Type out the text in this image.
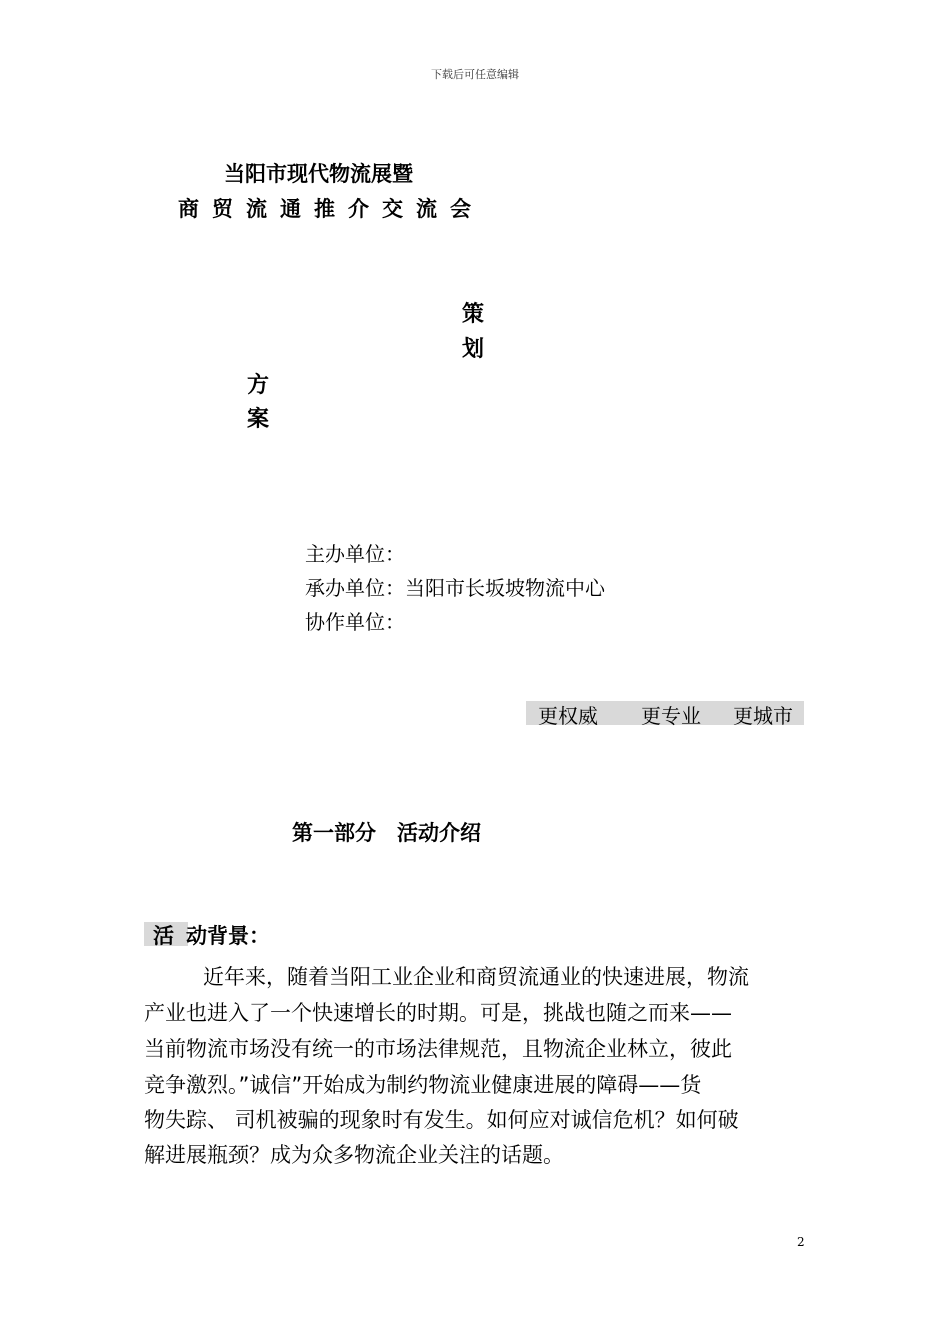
下载后可任意编辑
当阳市现代物流展暨
商贸流通推介交流会
策
划
方
案
主办单位：
承办单位：当阳市长坂坡物流中心
协作单位：
更权威 更专业 更城市
第一部分　活动介绍
活 动背景：
近年来，随着当阳工业企业和商贸流通业的快速进展，物流
产业也进入了一个快速增长的时期。可是，挑战也随之而来——
当前物流市场没有统一的市场法律规范，且物流企业林立，彼此
竞争激烈。”诚信”开始成为制约物流业健康进展的障碍——货
物失踪、 司机被骗的现象时有发生。如何应对诚信危机？如何破
解进展瓶颈？成为众多物流企业关注的话题。
2
